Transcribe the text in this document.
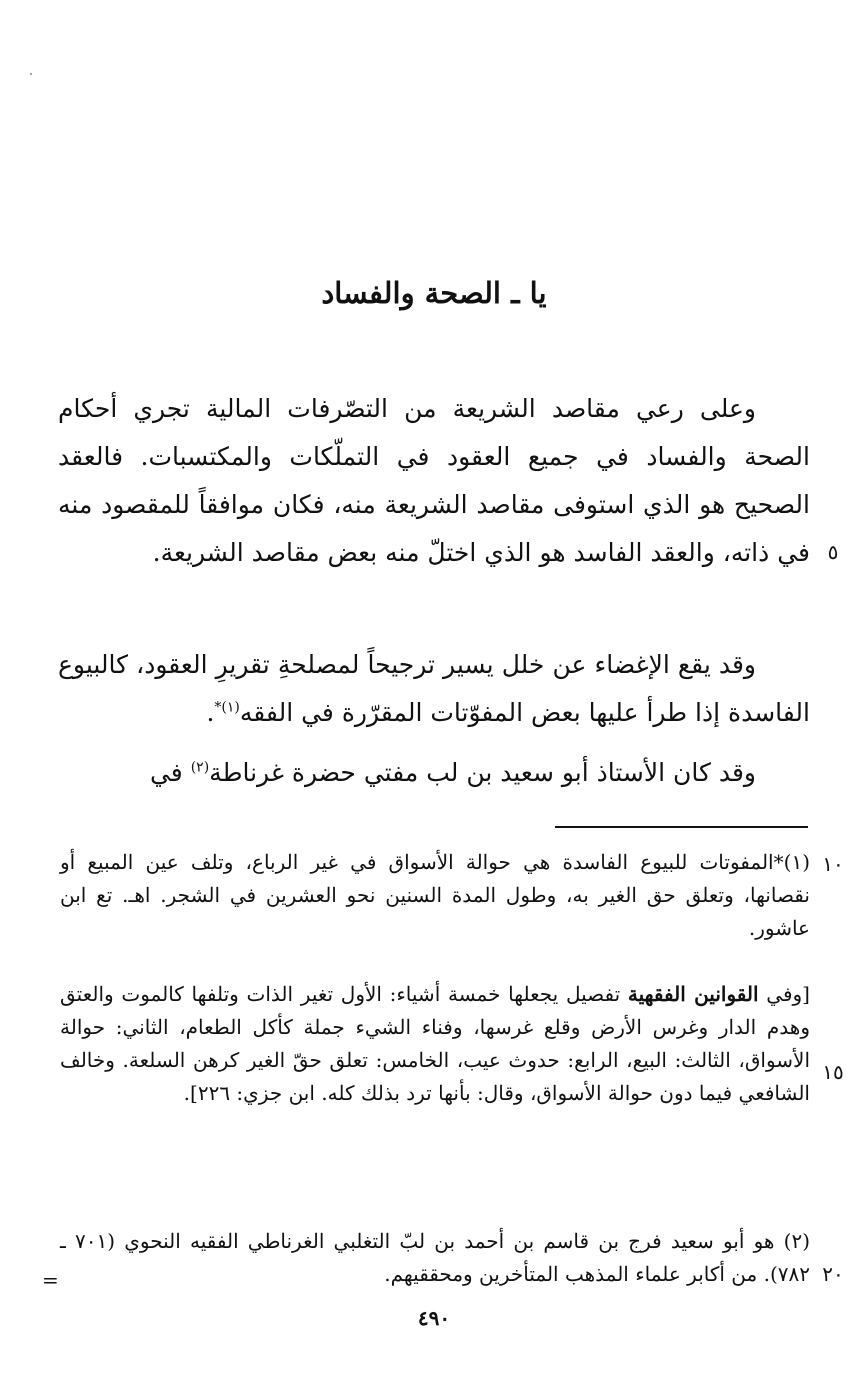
يا ـ الصحة والفساد
وعلى رعي مقاصد الشريعة من التصّرفات المالية تجري أحكام الصحة والفساد في جميع العقود في التملّكات والمكتسبات. فالعقد الصحيح هو الذي استوفى مقاصد الشريعة منه، فكان موافقاً للمقصود منه في ذاته، والعقد الفاسد هو الذي اختلّ منه بعض مقاصد الشريعة.
وقد يقع الإغضاء عن خلل يسير ترجيحاً لمصلحةِ تقريرِ العقود، كالبيوع الفاسدة إذا طرأ عليها بعض المفوّتات المقرّرة في الفقه$^{(١)*}$.
وقد كان الأستاذ أبو سعيد بن لب مفتي حضرة غرناطة$^{(٢)}$ في
(١)*المفوتات للبيوع الفاسدة هي حوالة الأسواق في غير الرباع، وتلف عين المبيع أو نقصانها، وتعلق حق الغير به، وطول المدة السنين نحو العشرين في الشجر. اهـ. تع ابن عاشور.
[وفي القوانين الفقهية تفصيل يجعلها خمسة أشياء: الأول تغير الذات وتلفها كالموت والعتق وهدم الدار وغرس الأرض وقلع غرسها، وفناء الشيء جملة كأكل الطعام، الثاني: حوالة الأسواق، الثالث: البيع، الرابع: حدوث عيب، الخامس: تعلق حقّ الغير كرهن السلعة. وخالف الشافعي فيما دون حوالة الأسواق، وقال: بأنها ترد بذلك كله. ابن جزي: ٢٢٦].
(٢) هو أبو سعيد فرج بن قاسم بن أحمد بن لبّ التغلبي الغرناطي الفقيه النحوي (٧٠١ ـ ٧٨٢). من أكابر علماء المذهب المتأخرين ومحققيهم.
٥
١٠
١٥
٢٠
=
٤٩٠
